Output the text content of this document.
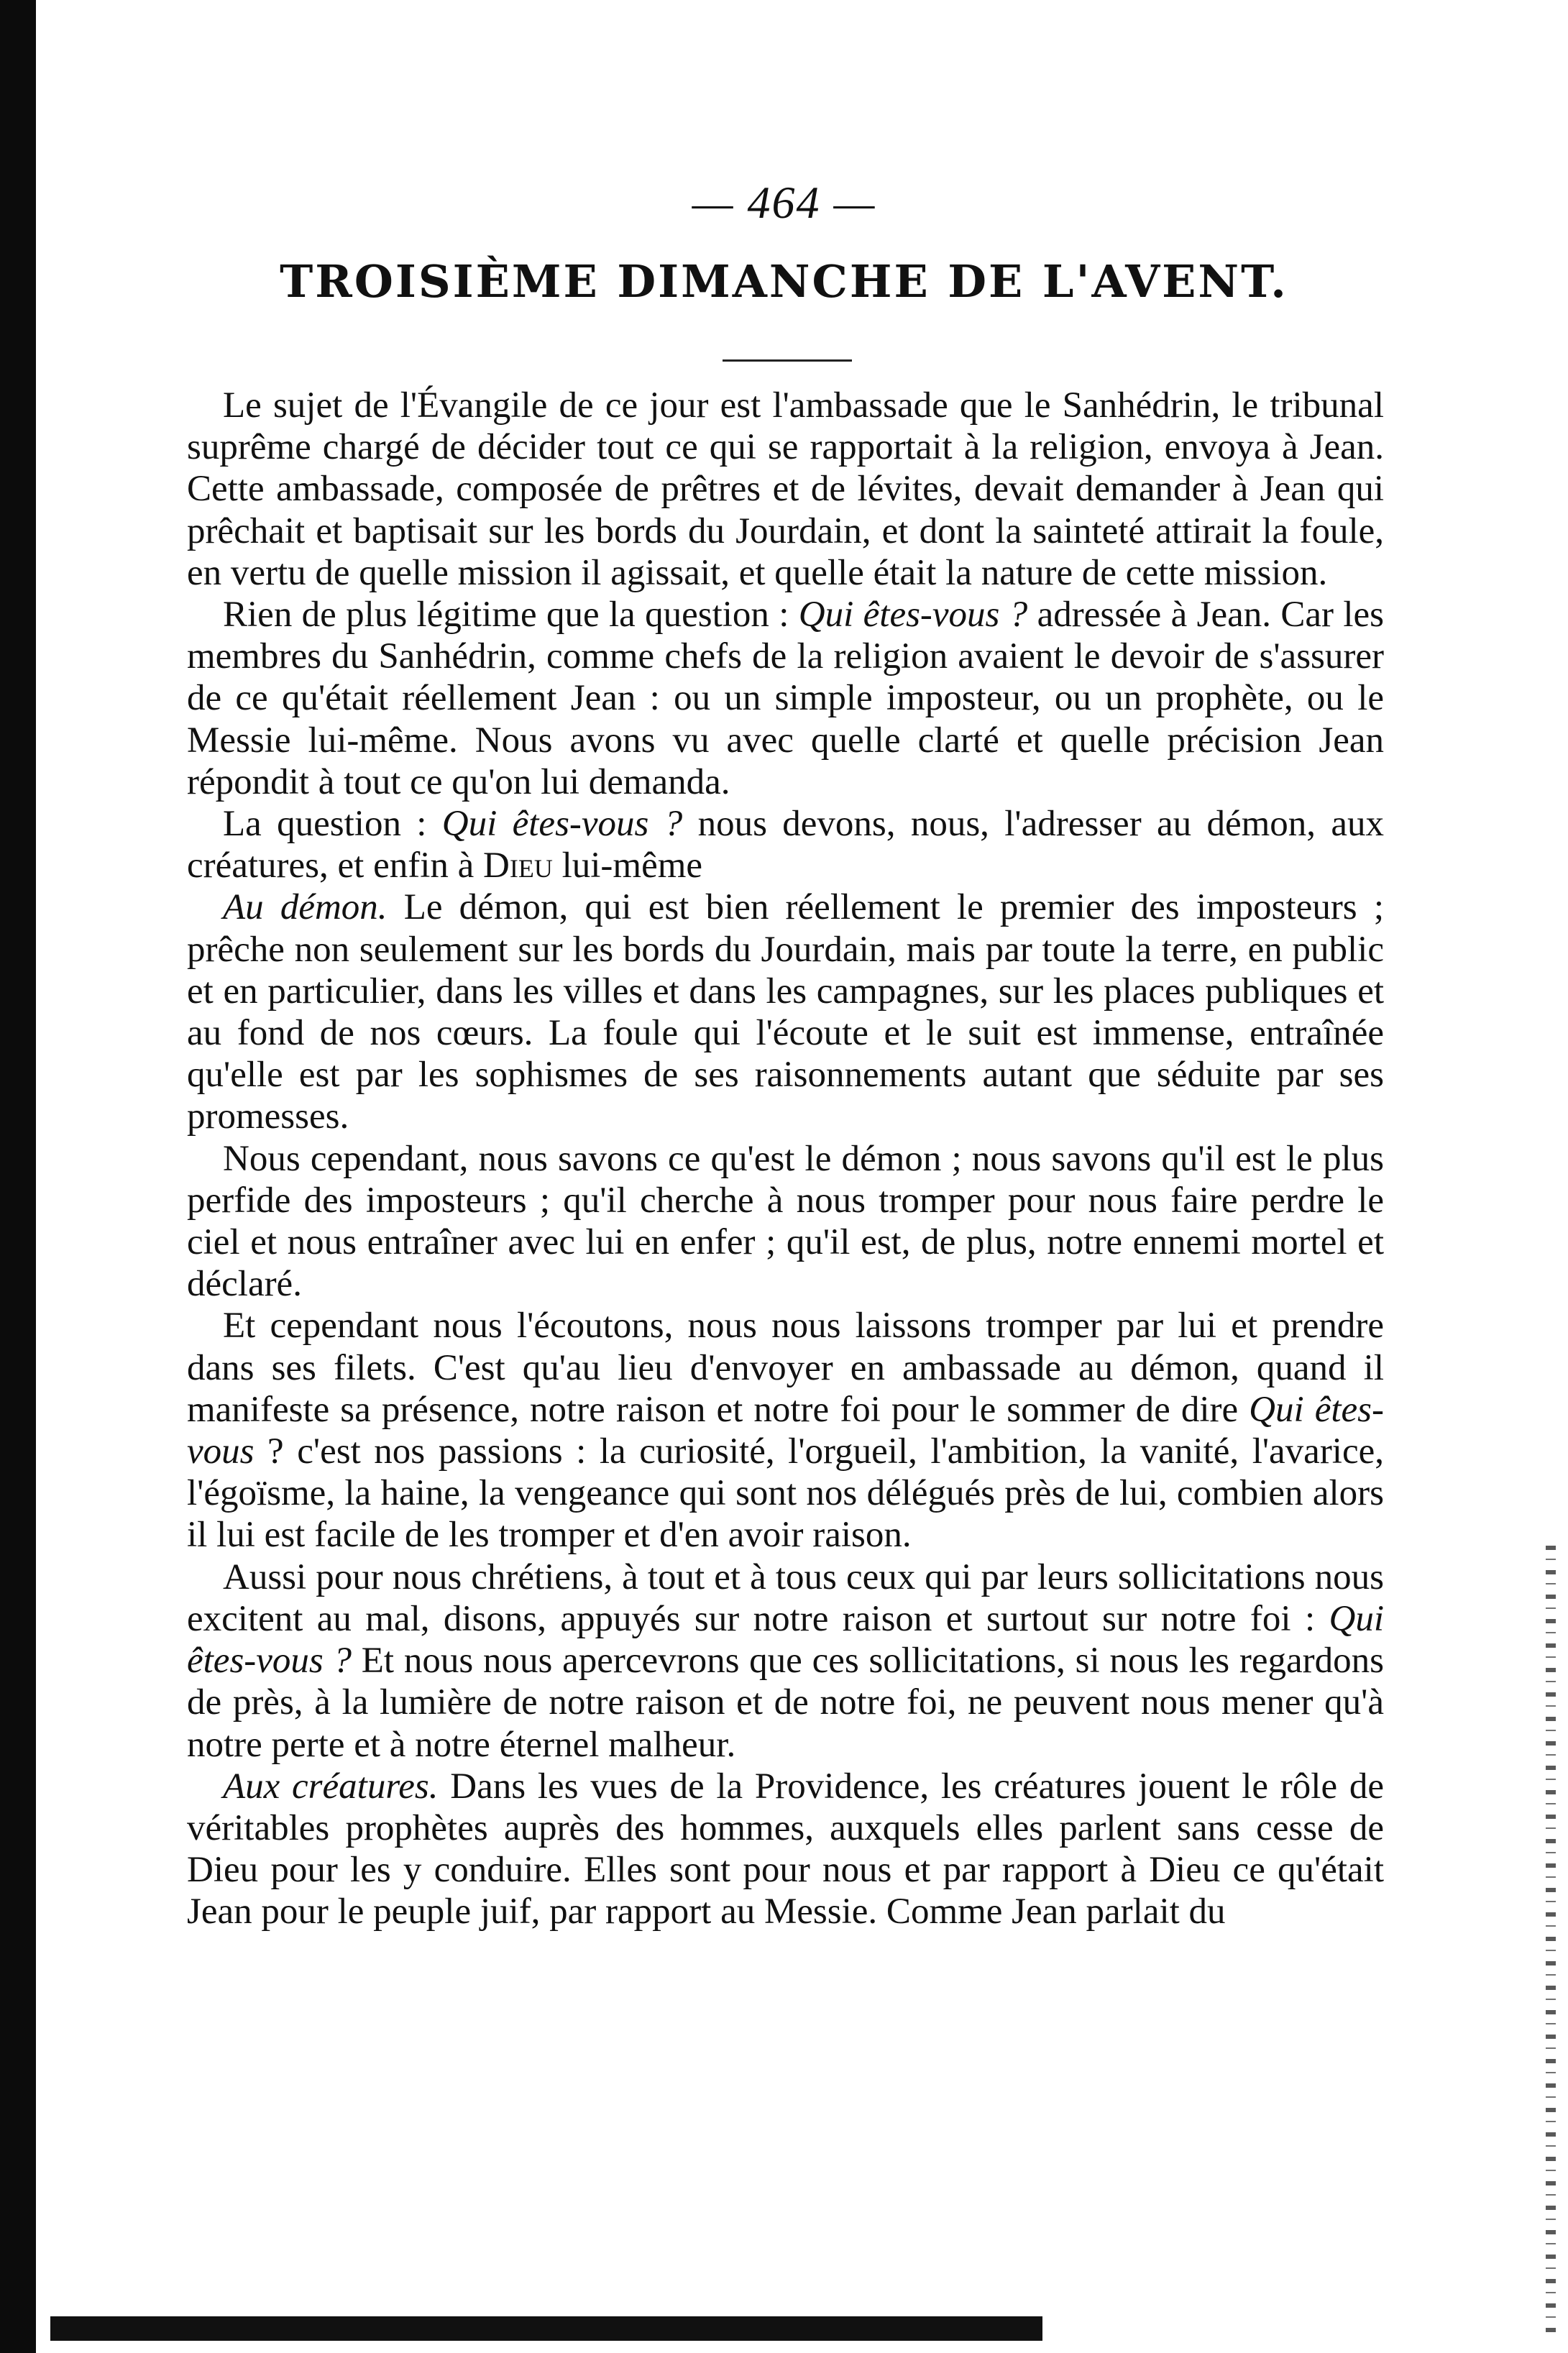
— 464 —
TROISIÈME DIMANCHE DE L'AVENT.

Le sujet de l'Évangile de ce jour est l'ambassade que le Sanhédrin, le tribunal suprême chargé de décider tout ce qui se rapportait à la religion, envoya à Jean. Cette ambassade, composée de prêtres et de lévites, devait demander à Jean qui prêchait et baptisait sur les bords du Jourdain, et dont la sainteté attirait la foule, en vertu de quelle mission il agissait, et quelle était la nature de cette mission.

Rien de plus légitime que la question : Qui êtes-vous ? adressée à Jean. Car les membres du Sanhédrin, comme chefs de la religion avaient le devoir de s'assurer de ce qu'était réellement Jean : ou un simple imposteur, ou un prophète, ou le Messie lui-même. Nous avons vu avec quelle clarté et quelle précision Jean répondit à tout ce qu'on lui demanda.

La question : Qui êtes-vous ? nous devons, nous, l'adresser au démon, aux créatures, et enfin à Dieu lui-même

Au démon. Le démon, qui est bien réellement le premier des imposteurs ; prêche non seulement sur les bords du Jourdain, mais par toute la terre, en public et en particulier, dans les villes et dans les campagnes, sur les places publiques et au fond de nos cœurs. La foule qui l'écoute et le suit est immense, entraînée qu'elle est par les sophismes de ses raisonnements autant que séduite par ses promesses.

Nous cependant, nous savons ce qu'est le démon ; nous savons qu'il est le plus perfide des imposteurs ; qu'il cherche à nous tromper pour nous faire perdre le ciel et nous entraîner avec lui en enfer ; qu'il est, de plus, notre ennemi mortel et déclaré.

Et cependant nous l'écoutons, nous nous laissons tromper par lui et prendre dans ses filets. C'est qu'au lieu d'envoyer en ambassade au démon, quand il manifeste sa présence, notre raison et notre foi pour le sommer de dire Qui êtes-vous ? c'est nos passions : la curiosité, l'orgueil, l'ambition, la vanité, l'avarice, l'égoïsme, la haine, la vengeance qui sont nos délégués près de lui, combien alors il lui est facile de les tromper et d'en avoir raison.

Aussi pour nous chrétiens, à tout et à tous ceux qui par leurs sollicitations nous excitent au mal, disons, appuyés sur notre raison et surtout sur notre foi : Qui êtes-vous ? Et nous nous apercevrons que ces sollicitations, si nous les regardons de près, à la lumière de notre raison et de notre foi, ne peuvent nous mener qu'à notre perte et à notre éternel malheur.

Aux créatures. Dans les vues de la Providence, les créatures jouent le rôle de véritables prophètes auprès des hommes, auxquels elles parlent sans cesse de Dieu pour les y conduire. Elles sont pour nous et par rapport à Dieu ce qu'était Jean pour le peuple juif, par rapport au Messie. Comme Jean parlait du
